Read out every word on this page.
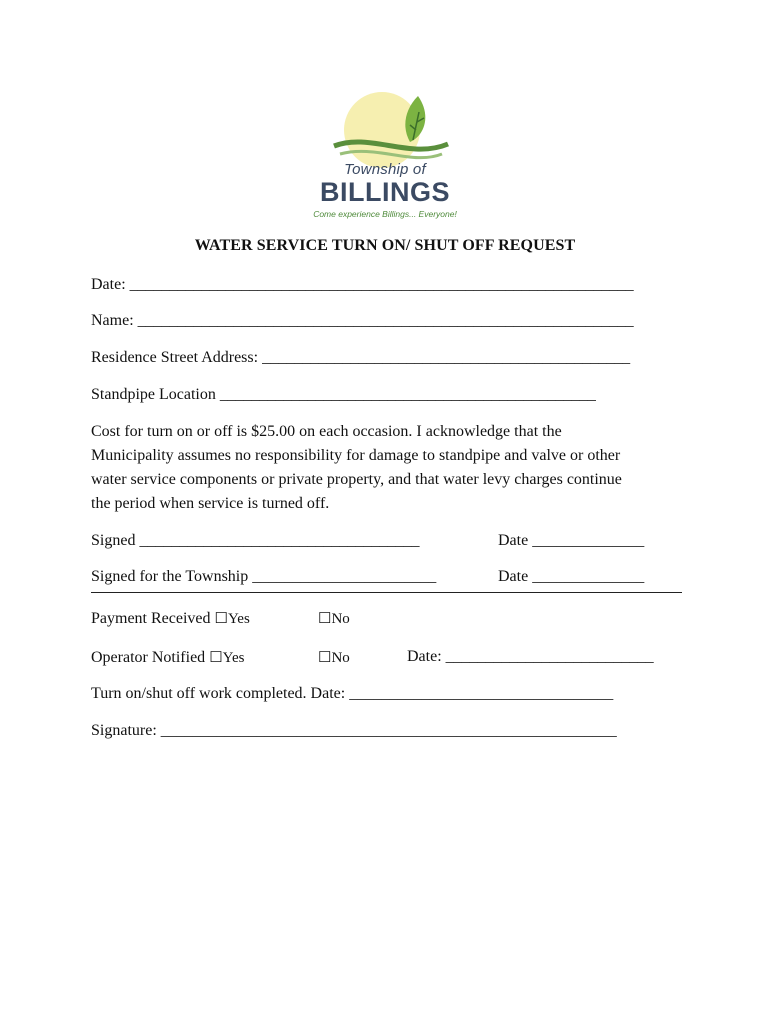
Township of
BILLINGS
Come experience Billings... Everyone!
WATER SERVICE TURN ON/ SHUT OFF REQUEST
Date: _______________________________________________________________
Name: ______________________________________________________________
Residence Street Address: ______________________________________________
Standpipe Location _______________________________________________
Cost for turn on or off is $25.00 on each occasion. I acknowledge that the
Municipality assumes no responsibility for damage to standpipe and valve or other
water service components or private property, and that water levy charges continue
the period when service is turned off.
Signed ___________________________________	Date ______________
Signed for the Township _______________________	Date ______________
Payment Received ☐Yes	☐No
Operator Notified ☐Yes	☐No	Date: __________________________
Turn on/shut off work completed. Date: _________________________________
Signature: _________________________________________________________
